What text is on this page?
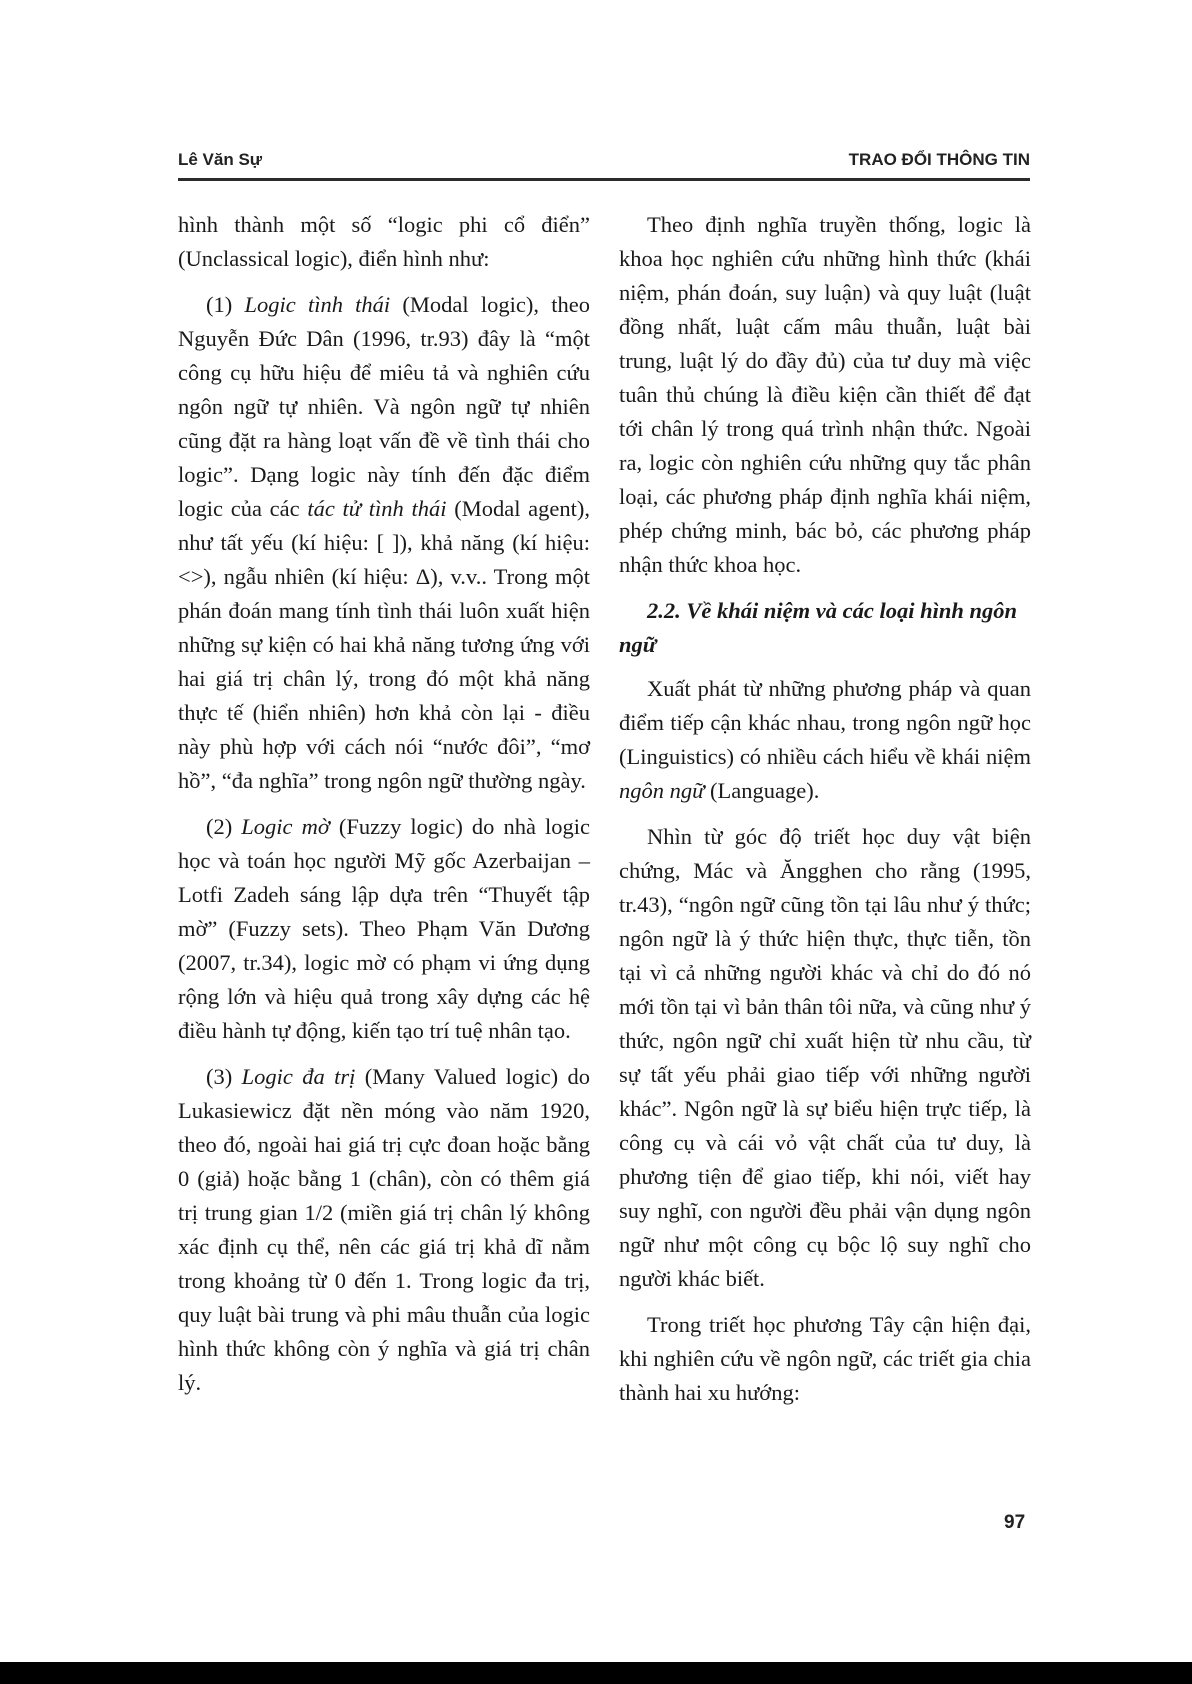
Lê Văn Sự	TRAO ĐỔI THÔNG TIN

hình thành một số “logic phi cổ điển” (Unclassical logic), điển hình như:

(1) Logic tình thái (Modal logic), theo Nguyễn Đức Dân (1996, tr.93) đây là “một công cụ hữu hiệu để miêu tả và nghiên cứu ngôn ngữ tự nhiên. Và ngôn ngữ tự nhiên cũng đặt ra hàng loạt vấn đề về tình thái cho logic”. Dạng logic này tính đến đặc điểm logic của các tác tử tình thái (Modal agent), như tất yếu (kí hiệu: [ ]), khả năng (kí hiệu: <>), ngẫu nhiên (kí hiệu: Δ), v.v.. Trong một phán đoán mang tính tình thái luôn xuất hiện những sự kiện có hai khả năng tương ứng với hai giá trị chân lý, trong đó một khả năng thực tế (hiển nhiên) hơn khả còn lại - điều này phù hợp với cách nói “nước đôi”, “mơ hồ”, “đa nghĩa” trong ngôn ngữ thường ngày.

(2) Logic mờ (Fuzzy logic) do nhà logic học và toán học người Mỹ gốc Azerbaijan – Lotfi Zadeh sáng lập dựa trên “Thuyết tập mờ” (Fuzzy sets). Theo Phạm Văn Dương (2007, tr.34), logic mờ có phạm vi ứng dụng rộng lớn và hiệu quả trong xây dựng các hệ điều hành tự động, kiến tạo trí tuệ nhân tạo.

(3) Logic đa trị (Many Valued logic) do Lukasiewicz đặt nền móng vào năm 1920, theo đó, ngoài hai giá trị cực đoan hoặc bằng 0 (giả) hoặc bằng 1 (chân), còn có thêm giá trị trung gian 1/2 (miền giá trị chân lý không xác định cụ thể, nên các giá trị khả dĩ nằm trong khoảng từ 0 đến 1. Trong logic đa trị, quy luật bài trung và phi mâu thuẫn của logic hình thức không còn ý nghĩa và giá trị chân lý.

Theo định nghĩa truyền thống, logic là khoa học nghiên cứu những hình thức (khái niệm, phán đoán, suy luận) và quy luật (luật đồng nhất, luật cấm mâu thuẫn, luật bài trung, luật lý do đầy đủ) của tư duy mà việc tuân thủ chúng là điều kiện cần thiết để đạt tới chân lý trong quá trình nhận thức. Ngoài ra, logic còn nghiên cứu những quy tắc phân loại, các phương pháp định nghĩa khái niệm, phép chứng minh, bác bỏ, các phương pháp nhận thức khoa học.

2.2. Về khái niệm và các loại hình ngôn ngữ

Xuất phát từ những phương pháp và quan điểm tiếp cận khác nhau, trong ngôn ngữ học (Linguistics) có nhiều cách hiểu về khái niệm ngôn ngữ (Language).

Nhìn từ góc độ triết học duy vật biện chứng, Mác và Ăngghen cho rằng (1995, tr.43), “ngôn ngữ cũng tồn tại lâu như ý thức; ngôn ngữ là ý thức hiện thực, thực tiễn, tồn tại vì cả những người khác và chỉ do đó nó mới tồn tại vì bản thân tôi nữa, và cũng như ý thức, ngôn ngữ chỉ xuất hiện từ nhu cầu, từ sự tất yếu phải giao tiếp với những người khác”. Ngôn ngữ là sự biểu hiện trực tiếp, là công cụ và cái vỏ vật chất của tư duy, là phương tiện để giao tiếp, khi nói, viết hay suy nghĩ, con người đều phải vận dụng ngôn ngữ như một công cụ bộc lộ suy nghĩ cho người khác biết.

Trong triết học phương Tây cận hiện đại, khi nghiên cứu về ngôn ngữ, các triết gia chia thành hai xu hướng:

97
